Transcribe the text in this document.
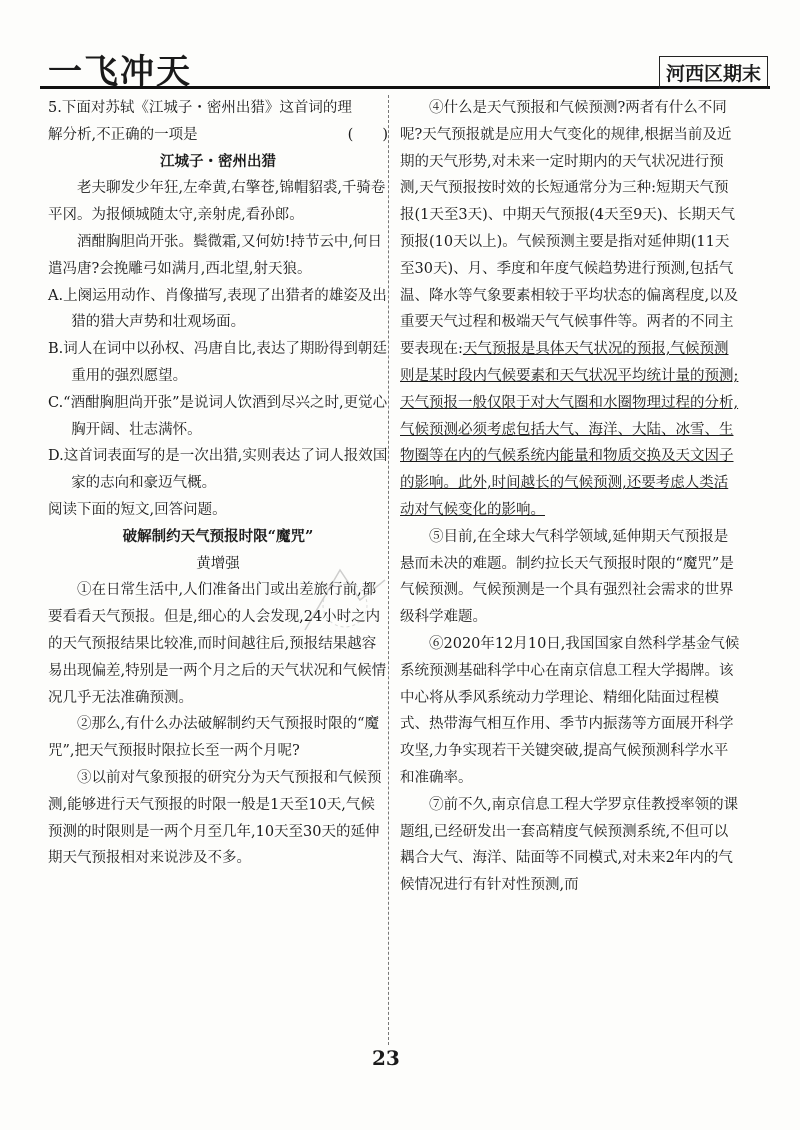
一飞冲天	河西区期末
5.下面对苏轼《江城子・密州出猎》这首词的理
解分析,不正确的一项是	(　　)

江城子・密州出猎

老夫聊发少年狂,左牵黄,右擎苍,锦帽貂裘,千骑卷平冈。为报倾城随太守,亲射虎,看孙郎。

酒酣胸胆尚开张。鬓微霜,又何妨!持节云中,何日遣冯唐?会挽雕弓如满月,西北望,射天狼。

A.上阕运用动作、肖像描写,表现了出猎者的雄姿及出猎的猎大声势和壮观场面。

B.词人在词中以孙权、冯唐自比,表达了期盼得到朝廷重用的强烈愿望。

C.“酒酣胸胆尚开张”是说词人饮酒到尽兴之时,更觉心胸开阔、壮志满怀。

D.这首词表面写的是一次出猎,实则表达了词人报效国家的志向和豪迈气概。

阅读下面的短文,回答问题。

破解制约天气预报时限“魔咒”

黄增强

①在日常生活中,人们准备出门或出差旅行前,都要看看天气预报。但是,细心的人会发现,24小时之内的天气预报结果比较准,而时间越往后,预报结果越容易出现偏差,特别是一两个月之后的天气状况和气候情况几乎无法准确预测。

②那么,有什么办法破解制约天气预报时限的“魔咒”,把天气预报时限拉长至一两个月呢?

③以前对气象预报的研究分为天气预报和气候预测,能够进行天气预报的时限一般是1天至10天,气候预测的时限则是一两个月至几年,10天至30天的延伸期天气预报相对来说涉及不多。

④什么是天气预报和气候预测?两者有什么不同呢?天气预报就是应用大气变化的规律,根据当前及近期的天气形势,对未来一定时期内的天气状况进行预测,天气预报按时效的长短通常分为三种:短期天气预报(1天至3天)、中期天气预报(4天至9天)、长期天气预报(10天以上)。气候预测主要是指对延伸期(11天至30天)、月、季度和年度气候趋势进行预测,包括气温、降水等气象要素相较于平均状态的偏离程度,以及重要天气过程和极端天气气候事件等。两者的不同主要表现在:天气预报是具体天气状况的预报,气候预测则是某时段内气候要素和天气状况平均统计量的预测;天气预报一般仅限于对大气圈和水圈物理过程的分析,气候预测必须考虑包括大气、海洋、大陆、冰雪、生物圈等在内的气候系统内能量和物质交换及天文因子的影响。此外,时间越长的气候预测,还要考虑人类活动对气候变化的影响。

⑤目前,在全球大气科学领域,延伸期天气预报是悬而未决的难题。制约拉长天气预报时限的“魔咒”是气候预测。气候预测是一个具有强烈社会需求的世界级科学难题。

⑥2020年12月10日,我国国家自然科学基金气候系统预测基础科学中心在南京信息工程大学揭牌。该中心将从季风系统动力学理论、精细化陆面过程模式、热带海气相互作用、季节内振荡等方面展开科学攻坚,力争实现若干关键突破,提高气候预测科学水平和准确率。

⑦前不久,南京信息工程大学罗京佳教授率领的课题组,已经研发出一套高精度气候预测系统,不但可以耦合大气、海洋、陆面等不同模式,对未来2年内的气候情况进行有针对性预测,而

23
